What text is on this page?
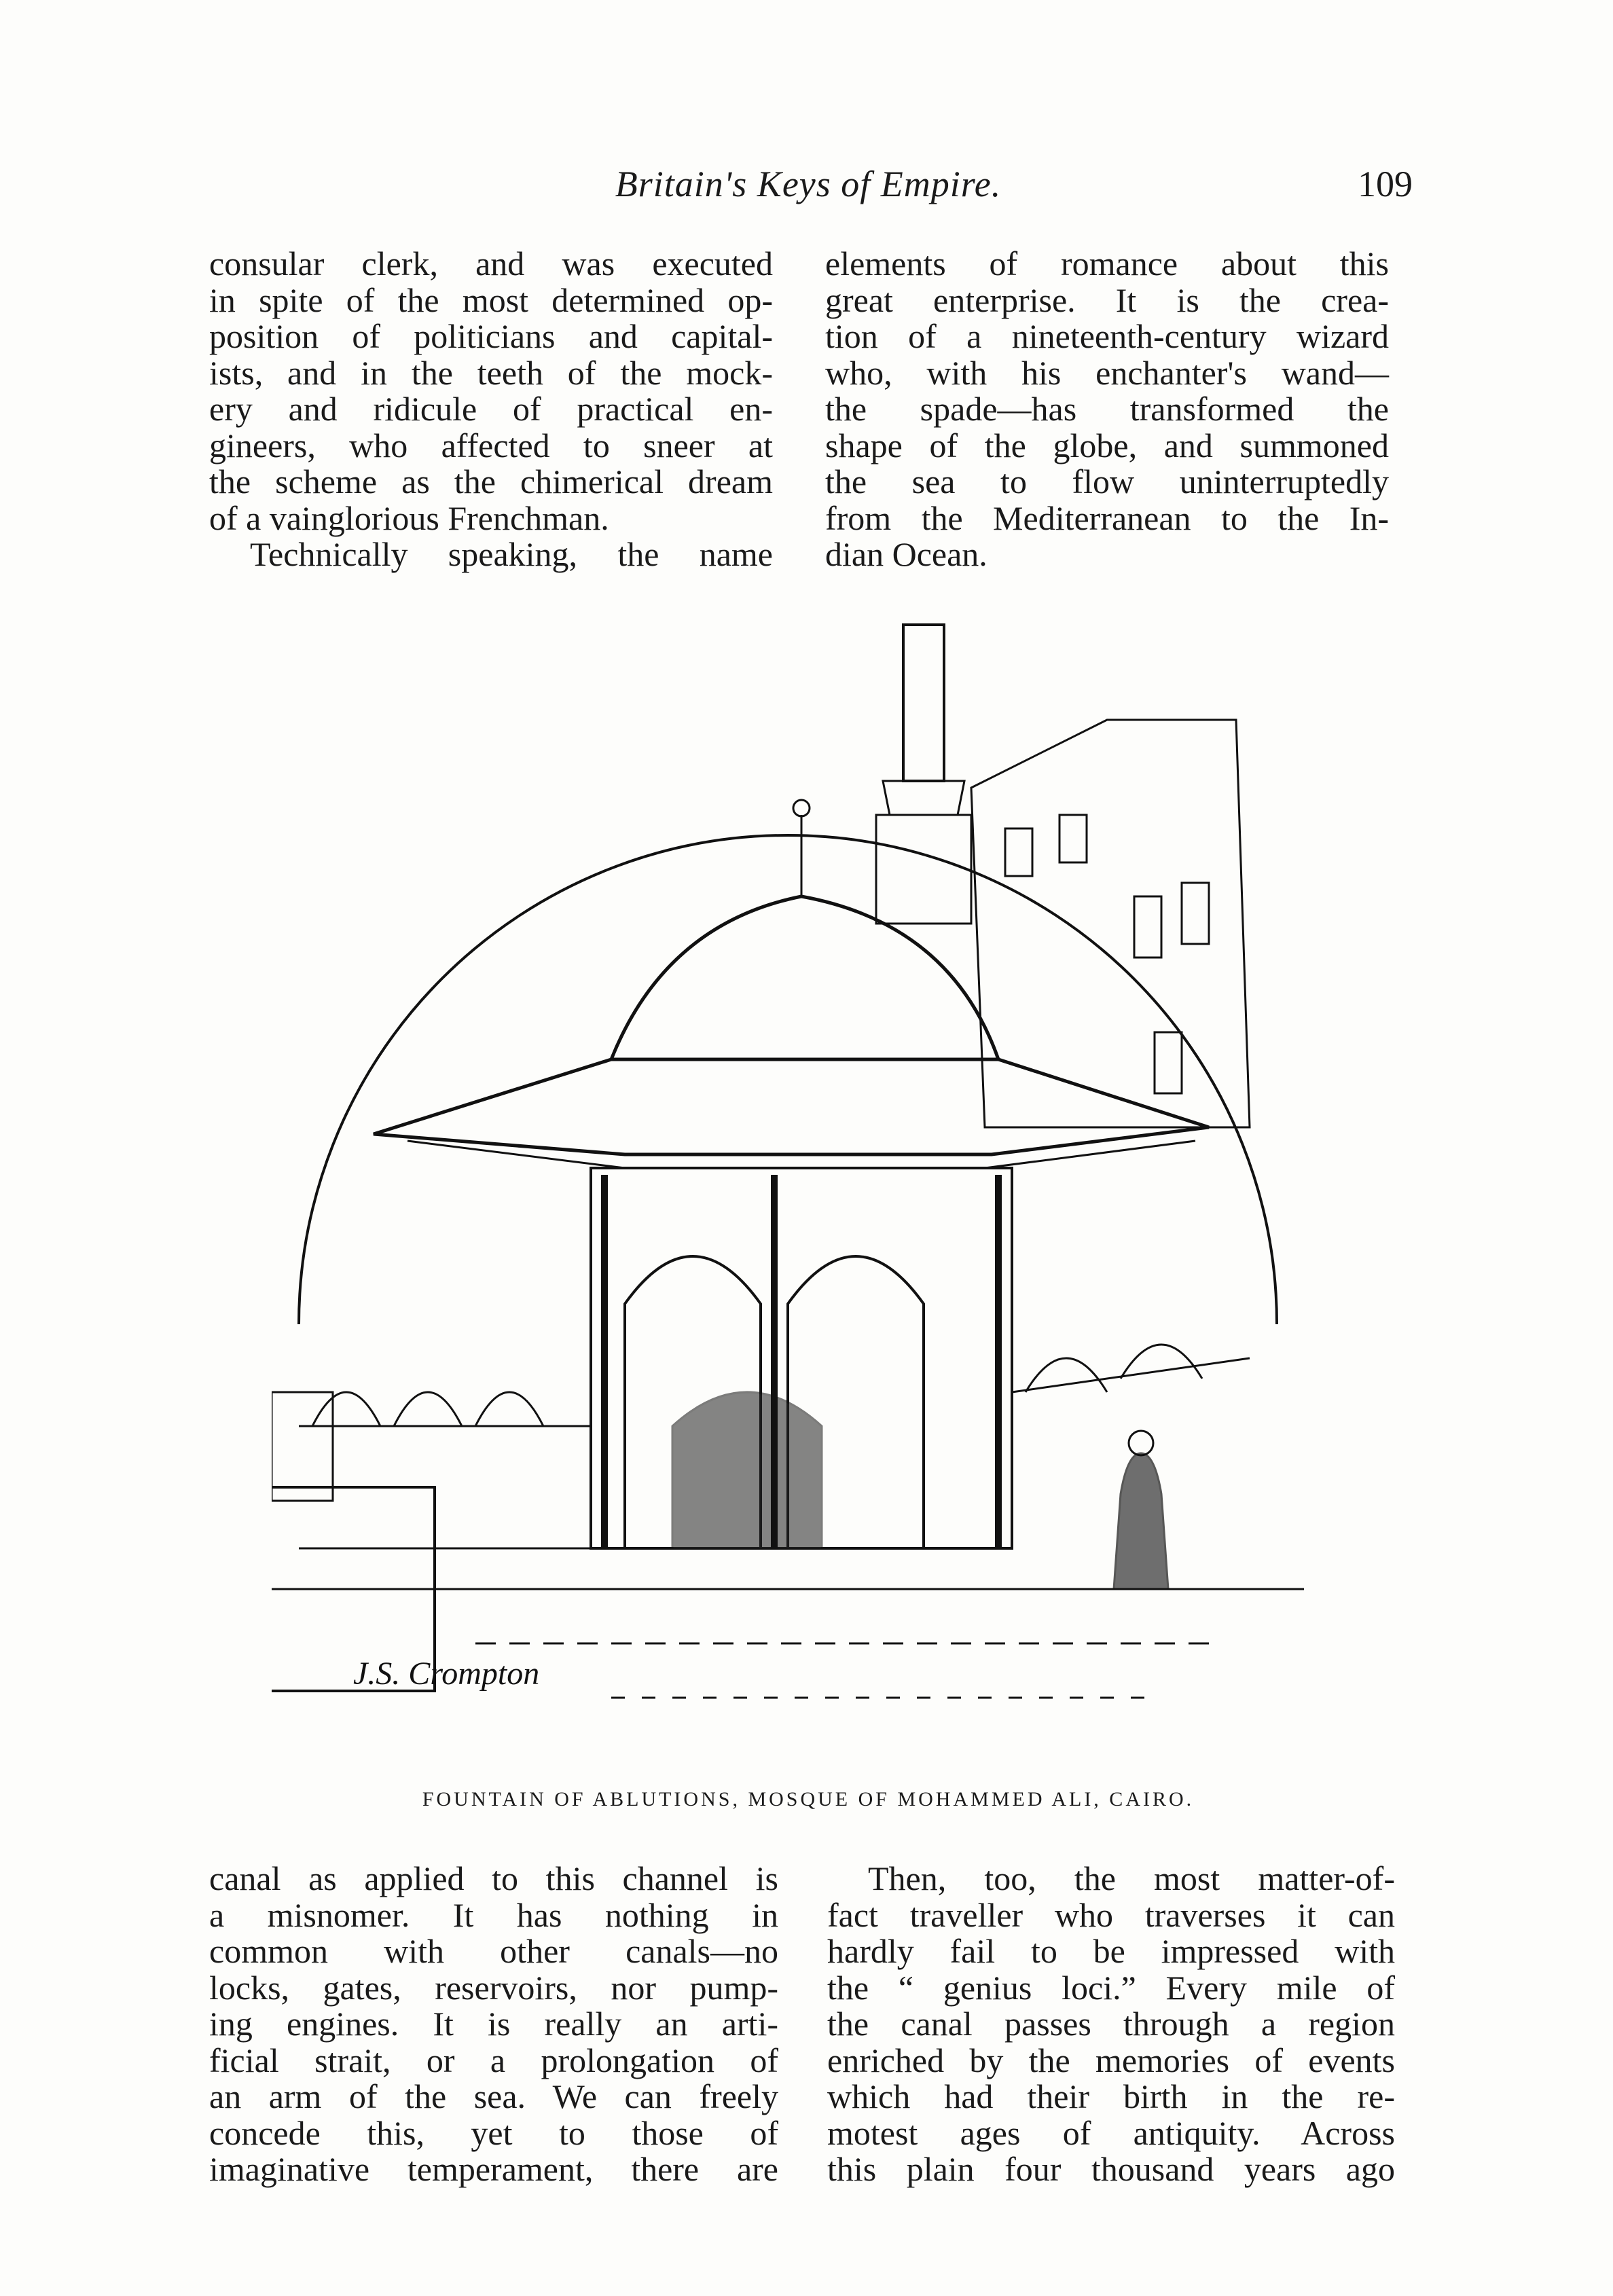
Britain's Keys of Empire.	109
consular clerk, and was executed
in spite of the most determined op-
position of politicians and capital-
ists, and in the teeth of the mock-
ery and ridicule of practical en-
gineers, who affected to sneer at
the scheme as the chimerical dream
of a vainglorious Frenchman.
Technically speaking, the name
elements of romance about this
great enterprise. It is the crea-
tion of a nineteenth-century wizard
who, with his enchanter's wand—
the spade—has transformed the
shape of the globe, and summoned
the sea to flow uninterruptedly
from the Mediterranean to the In-
dian Ocean.
J.S. Crompton
FOUNTAIN OF ABLUTIONS, MOSQUE OF MOHAMMED ALI, CAIRO.
canal as applied to this channel is
a misnomer. It has nothing in
common with other canals—no
locks, gates, reservoirs, nor pump-
ing engines. It is really an arti-
ficial strait, or a prolongation of
an arm of the sea. We can freely
concede this, yet to those of
imaginative temperament, there are
Then, too, the most matter-of-
fact traveller who traverses it can
hardly fail to be impressed with
the “ genius loci.” Every mile of
the canal passes through a region
enriched by the memories of events
which had their birth in the re-
motest ages of antiquity. Across
this plain four thousand years ago
